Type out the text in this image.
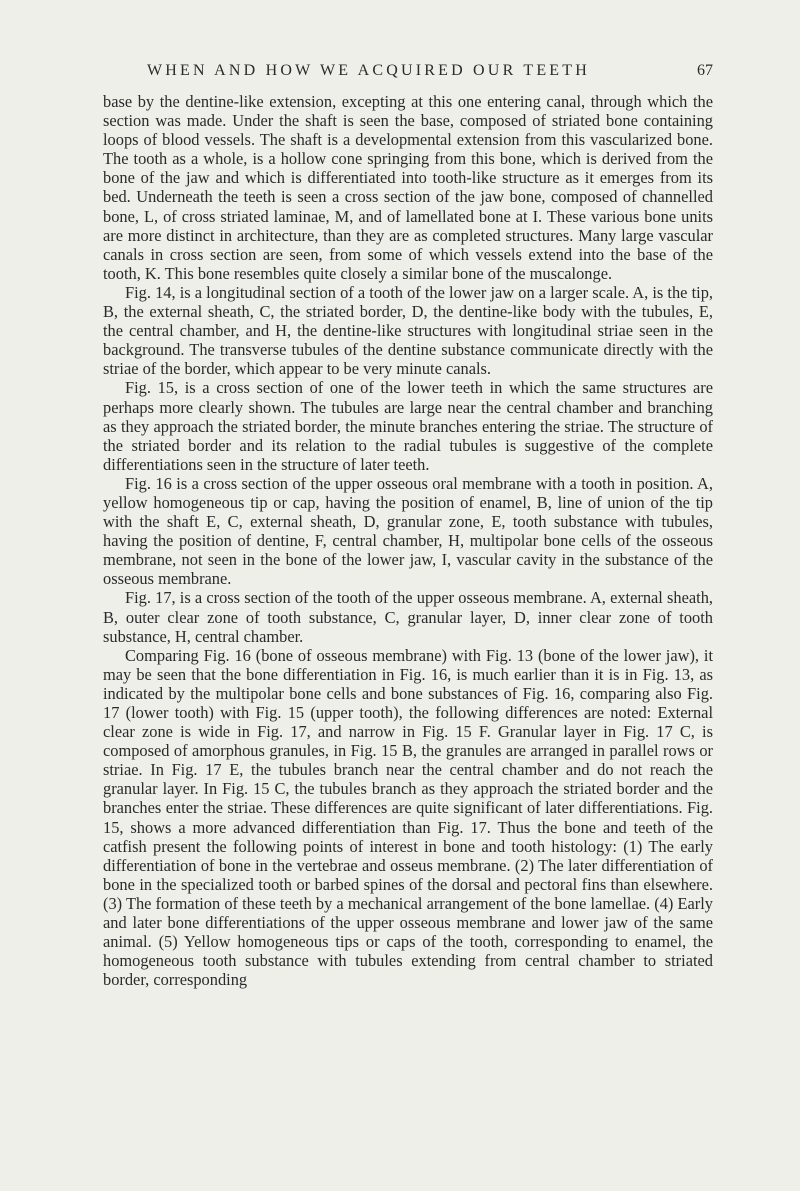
WHEN AND HOW WE ACQUIRED OUR TEETH	67

base by the dentine-like extension, excepting at this one entering canal, through which the section was made. Under the shaft is seen the base, composed of striated bone containing loops of blood vessels. The shaft is a developmental extension from this vascularized bone. The tooth as a whole, is a hollow cone springing from this bone, which is derived from the bone of the jaw and which is differentiated into tooth-like structure as it emerges from its bed. Underneath the teeth is seen a cross section of the jaw bone, composed of channelled bone, L, of cross striated laminae, M, and of lamellated bone at I. These various bone units are more distinct in architecture, than they are as completed structures. Many large vascular canals in cross section are seen, from some of which vessels extend into the base of the tooth, K. This bone resembles quite closely a similar bone of the muscalonge.

Fig. 14, is a longitudinal section of a tooth of the lower jaw on a larger scale. A, is the tip, B, the external sheath, C, the striated border, D, the dentine-like body with the tubules, E, the central chamber, and H, the dentine-like structures with longitudinal striae seen in the background. The transverse tubules of the dentine substance communicate directly with the striae of the border, which appear to be very minute canals.

Fig. 15, is a cross section of one of the lower teeth in which the same structures are perhaps more clearly shown. The tubules are large near the central chamber and branching as they approach the striated border, the minute branches entering the striae. The structure of the striated border and its relation to the radial tubules is suggestive of the complete differentiations seen in the structure of later teeth.

Fig. 16 is a cross section of the upper osseous oral membrane with a tooth in position. A, yellow homogeneous tip or cap, having the position of enamel, B, line of union of the tip with the shaft E, C, external sheath, D, granular zone, E, tooth substance with tubules, having the position of dentine, F, central chamber, H, multipolar bone cells of the osseous membrane, not seen in the bone of the lower jaw, I, vascular cavity in the substance of the osseous membrane.

Fig. 17, is a cross section of the tooth of the upper osseous membrane. A, external sheath, B, outer clear zone of tooth substance, C, granular layer, D, inner clear zone of tooth substance, H, central chamber.

Comparing Fig. 16 (bone of osseous membrane) with Fig. 13 (bone of the lower jaw), it may be seen that the bone differentiation in Fig. 16, is much earlier than it is in Fig. 13, as indicated by the multipolar bone cells and bone substances of Fig. 16, comparing also Fig. 17 (lower tooth) with Fig. 15 (upper tooth), the following differences are noted: External clear zone is wide in Fig. 17, and narrow in Fig. 15 F. Granular layer in Fig. 17 C, is composed of amorphous granules, in Fig. 15 B, the granules are arranged in parallel rows or striae. In Fig. 17 E, the tubules branch near the central chamber and do not reach the granular layer. In Fig. 15 C, the tubules branch as they approach the striated border and the branches enter the striae. These differences are quite significant of later differentiations. Fig. 15, shows a more advanced differentiation than Fig. 17. Thus the bone and teeth of the catfish present the following points of interest in bone and tooth histology: (1) The early differentiation of bone in the vertebrae and osseus membrane. (2) The later differentiation of bone in the specialized tooth or barbed spines of the dorsal and pectoral fins than elsewhere. (3) The formation of these teeth by a mechanical arrangement of the bone lamellae. (4) Early and later bone differentiations of the upper osseous membrane and lower jaw of the same animal. (5) Yellow homogeneous tips or caps of the tooth, corresponding to enamel, the homogeneous tooth substance with tubules extending from central chamber to striated border, corresponding
